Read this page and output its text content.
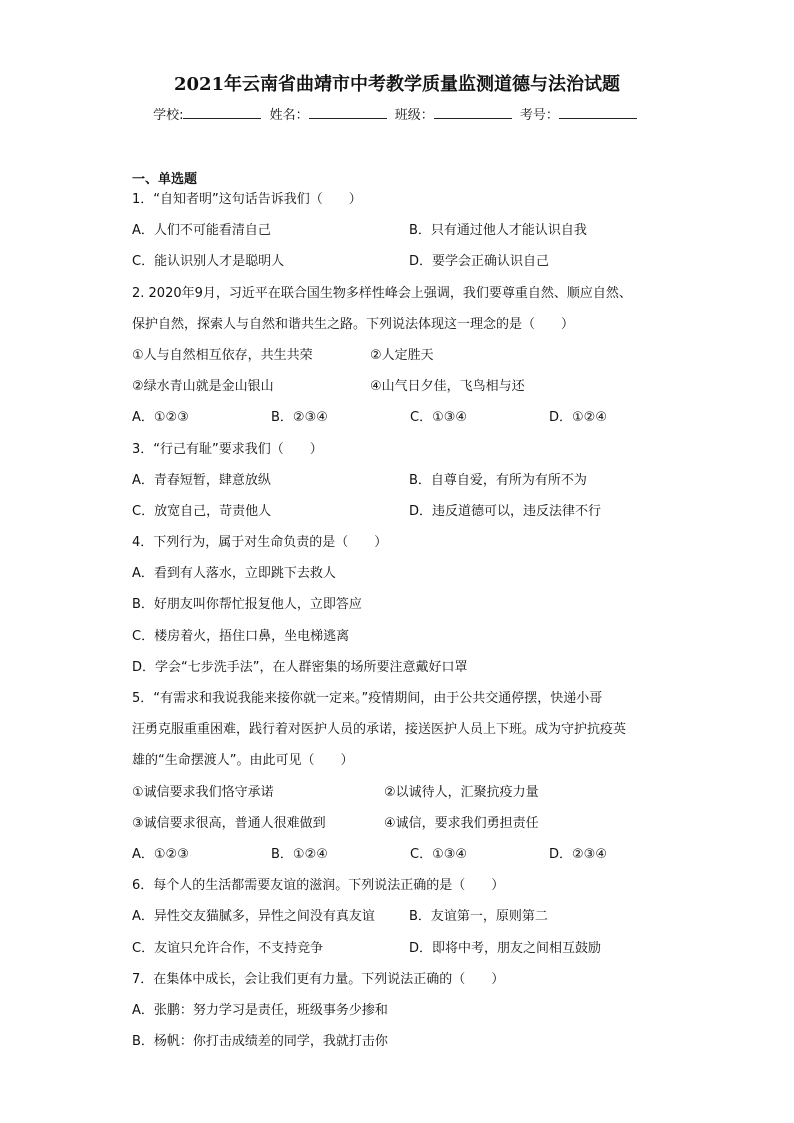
2021年云南省曲靖市中考教学质量监测道德与法治试题
学校:	姓名：	班级：	考号：
一、单选题
1．“自知者明”这句话告诉我们（　　）
A．人们不可能看清自己	B．只有通过他人才能认识自我
C．能认识别人才是聪明人	D．要学会正确认识自己
2. 2020年9月，习近平在联合国生物多样性峰会上强调，我们要尊重自然、顺应自然、
保护自然，探索人与自然和谐共生之路。下列说法体现这一理念的是（　　）
①人与自然相互依存，共生共荣	②人定胜天
②绿水青山就是金山银山	④山气日夕佳，飞鸟相与还
A．①②③	B．②③④	C．①③④	D．①②④
3．“行己有耻”要求我们（　　）
A．青春短暂，肆意放纵	B．自尊自爱，有所为有所不为
C．放宽自己，苛责他人	D．违反道德可以，违反法律不行
4．下列行为，属于对生命负责的是（　　）
A．看到有人落水，立即跳下去救人
B．好朋友叫你帮忙报复他人，立即答应
C．楼房着火，捂住口鼻，坐电梯逃离
D．学会“七步洗手法”，在人群密集的场所要注意戴好口罩
5．“有需求和我说我能来接你就一定来。”疫情期间，由于公共交通停摆，快递小哥
汪勇克服重重困难，践行着对医护人员的承诺，接送医护人员上下班。成为守护抗疫英
雄的“生命摆渡人”。由此可见（　　）
①诚信要求我们恪守承诺	②以诚待人，汇聚抗疫力量
③诚信要求很高，普通人很难做到	④诚信，要求我们勇担责任
A．①②③	B．①②④	C．①③④	D．②③④
6．每个人的生活都需要友谊的滋润。下列说法正确的是（　　）
A．异性交友猫腻多，异性之间没有真友谊	B．友谊第一，原则第二
C．友谊只允许合作，不支持竞争	D．即将中考，朋友之间相互鼓励
7．在集体中成长，会让我们更有力量。下列说法正确的（　　）
A．张鹏：努力学习是责任，班级事务少掺和
B．杨帆：你打击成绩差的同学，我就打击你
